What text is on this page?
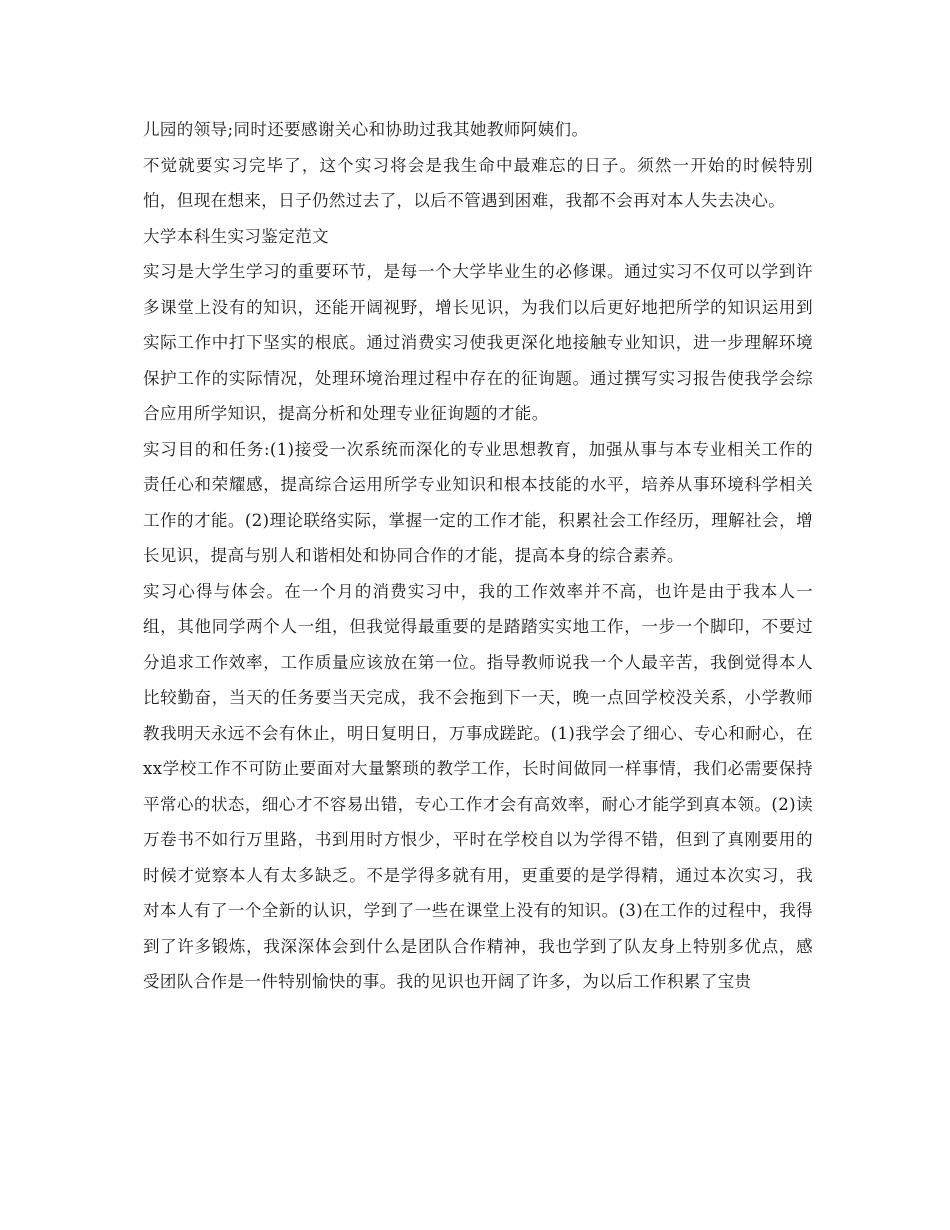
儿园的领导;同时还要感谢关心和协助过我其她教师阿姨们。

不觉就要实习完毕了，这个实习将会是我生命中最难忘的日子。须然一开始的时候特别怕，但现在想来，日子仍然过去了，以后不管遇到困难，我都不会再对本人失去决心。

大学本科生实习鉴定范文

实习是大学生学习的重要环节，是每一个大学毕业生的必修课。通过实习不仅可以学到许多课堂上没有的知识，还能开阔视野，增长见识，为我们以后更好地把所学的知识运用到实际工作中打下坚实的根底。通过消费实习使我更深化地接触专业知识，进一步理解环境保护工作的实际情况，处理环境治理过程中存在的征询题。通过撰写实习报告使我学会综合应用所学知识，提高分析和处理专业征询题的才能。

实习目的和任务:(1)接受一次系统而深化的专业思想教育，加强从事与本专业相关工作的责任心和荣耀感，提高综合运用所学专业知识和根本技能的水平，培养从事环境科学相关工作的才能。(2)理论联络实际，掌握一定的工作才能，积累社会工作经历，理解社会，增长见识，提高与别人和谐相处和协同合作的才能，提高本身的综合素养。

实习心得与体会。在一个月的消费实习中，我的工作效率并不高，也许是由于我本人一组，其他同学两个人一组，但我觉得最重要的是踏踏实实地工作，一步一个脚印，不要过分追求工作效率，工作质量应该放在第一位。指导教师说我一个人最辛苦，我倒觉得本人比较勤奋，当天的任务要当天完成，我不会拖到下一天，晚一点回学校没关系，小学教师教我明天永远不会有休止，明日复明日，万事成蹉跎。(1)我学会了细心、专心和耐心，在xx学校工作不可防止要面对大量繁琐的教学工作，长时间做同一样事情，我们必需要保持平常心的状态，细心才不容易出错，专心工作才会有高效率，耐心才能学到真本领。(2)读万卷书不如行万里路，书到用时方恨少，平时在学校自以为学得不错，但到了真刚要用的时候才觉察本人有太多缺乏。不是学得多就有用，更重要的是学得精，通过本次实习，我对本人有了一个全新的认识，学到了一些在课堂上没有的知识。(3)在工作的过程中，我得到了许多锻炼，我深深体会到什么是团队合作精神，我也学到了队友身上特别多优点，感受团队合作是一件特别愉快的事。我的见识也开阔了许多，为以后工作积累了宝贵
